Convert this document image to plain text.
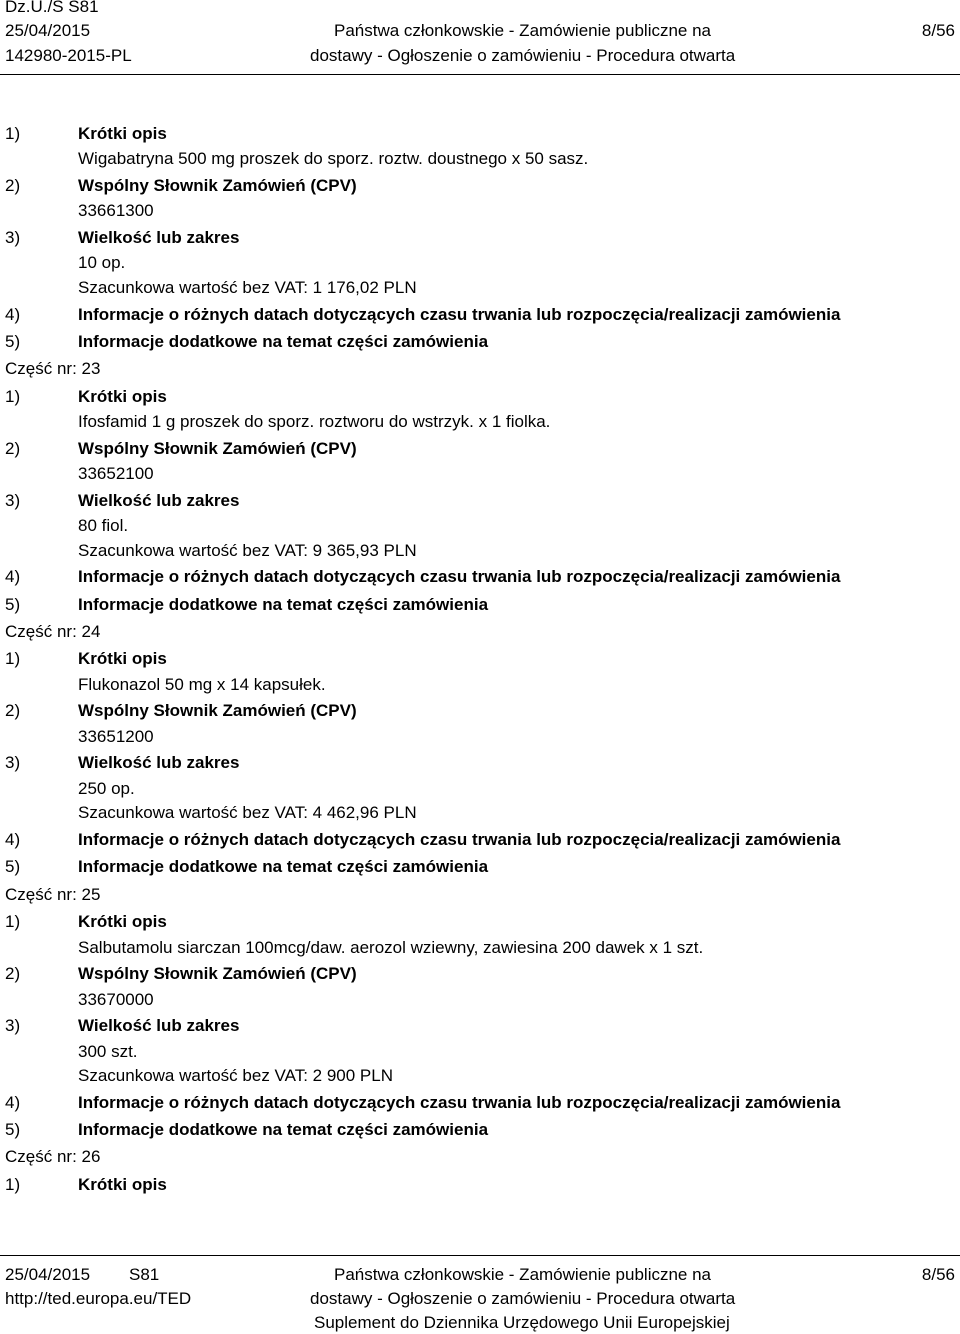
Dz.U./S S81
25/04/2015
142980-2015-PL
Państwa członkowskie - Zamówienie publiczne na
dostawy - Ogłoszenie o zamówieniu - Procedura otwarta
8/56
1)	Krótki opis
Wigabatryna 500 mg proszek do sporz. roztw. doustnego x 50 sasz.
2)	Wspólny Słownik Zamówień (CPV)
33661300
3)	Wielkość lub zakres
10 op.
Szacunkowa wartość bez VAT: 1 176,02 PLN
4)	Informacje o różnych datach dotyczących czasu trwania lub rozpoczęcia/realizacji zamówienia
5)	Informacje dodatkowe na temat części zamówienia
Część nr: 23
1)	Krótki opis
Ifosfamid 1 g proszek do sporz. roztworu do wstrzyk. x 1 fiolka.
2)	Wspólny Słownik Zamówień (CPV)
33652100
3)	Wielkość lub zakres
80 fiol.
Szacunkowa wartość bez VAT: 9 365,93 PLN
4)	Informacje o różnych datach dotyczących czasu trwania lub rozpoczęcia/realizacji zamówienia
5)	Informacje dodatkowe na temat części zamówienia
Część nr: 24
1)	Krótki opis
Flukonazol 50 mg x 14 kapsułek.
2)	Wspólny Słownik Zamówień (CPV)
33651200
3)	Wielkość lub zakres
250 op.
Szacunkowa wartość bez VAT: 4 462,96 PLN
4)	Informacje o różnych datach dotyczących czasu trwania lub rozpoczęcia/realizacji zamówienia
5)	Informacje dodatkowe na temat części zamówienia
Część nr: 25
1)	Krótki opis
Salbutamolu siarczan 100mcg/daw. aerozol wziewny, zawiesina 200 dawek x 1 szt.
2)	Wspólny Słownik Zamówień (CPV)
33670000
3)	Wielkość lub zakres
300 szt.
Szacunkowa wartość bez VAT: 2 900 PLN
4)	Informacje o różnych datach dotyczących czasu trwania lub rozpoczęcia/realizacji zamówienia
5)	Informacje dodatkowe na temat części zamówienia
Część nr: 26
1)	Krótki opis
25/04/2015 S81
http://ted.europa.eu/TED
Państwa członkowskie - Zamówienie publiczne na
dostawy - Ogłoszenie o zamówieniu - Procedura otwarta
Suplement do Dziennika Urzędowego Unii Europejskiej
8/56
